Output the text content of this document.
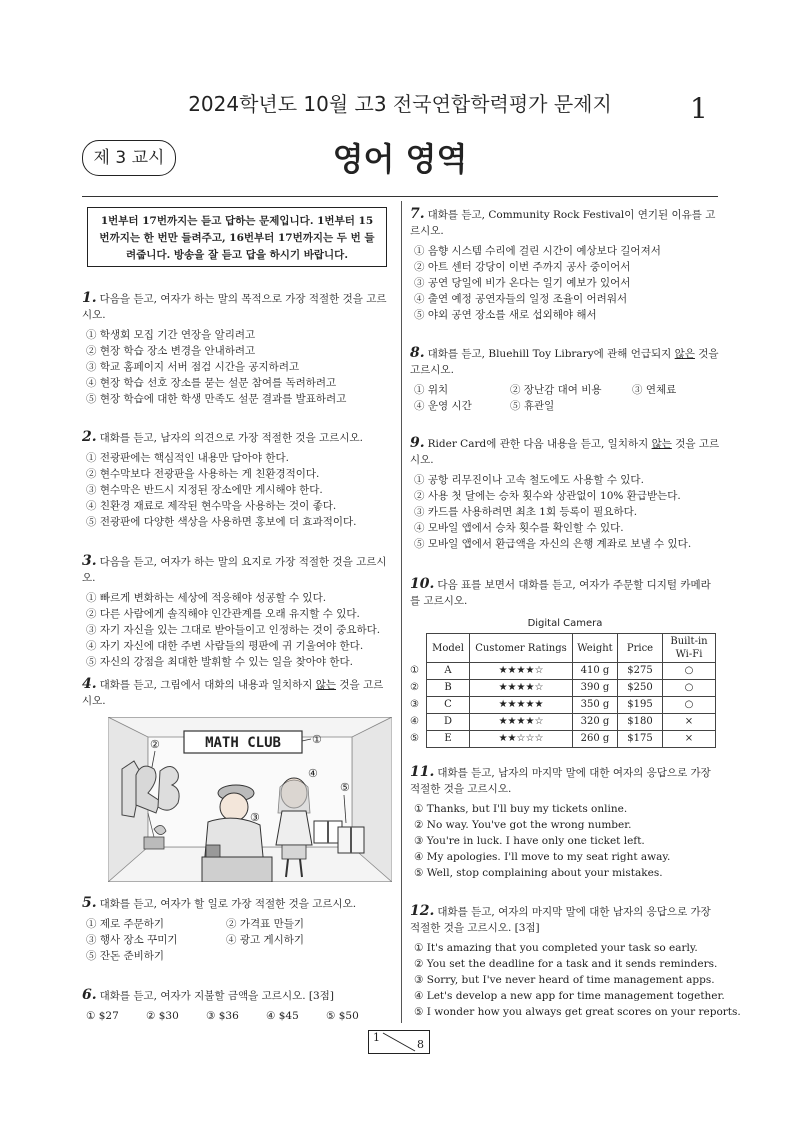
2024학년도 10월 고3 전국연합학력평가 문제지	1
제 3 교시	영어 영역
1번부터 17번까지는 듣고 답하는 문제입니다. 1번부터 15번까지는 한 번만 들려주고, 16번부터 17번까지는 두 번 들려줍니다. 방송을 잘 듣고 답을 하시기 바랍니다.

1. 다음을 듣고, 여자가 하는 말의 목적으로 가장 적절한 것을 고르시오.

① 학생회 모집 기간 연장을 알리려고
② 현장 학습 장소 변경을 안내하려고
③ 학교 홈페이지 서버 점검 시간을 공지하려고
④ 현장 학습 선호 장소를 묻는 설문 참여를 독려하려고
⑤ 현장 학습에 대한 학생 만족도 설문 결과를 발표하려고

2. 대화를 듣고, 남자의 의견으로 가장 적절한 것을 고르시오.

① 전광판에는 핵심적인 내용만 담아야 한다.
② 현수막보다 전광판을 사용하는 게 친환경적이다.
③ 현수막은 반드시 지정된 장소에만 게시해야 한다.
④ 친환경 재료로 제작된 현수막을 사용하는 것이 좋다.
⑤ 전광판에 다양한 색상을 사용하면 홍보에 더 효과적이다.

3. 다음을 듣고, 여자가 하는 말의 요지로 가장 적절한 것을 고르시오.

① 빠르게 변화하는 세상에 적응해야 성공할 수 있다.
② 다른 사람에게 솔직해야 인간관계를 오래 유지할 수 있다.
③ 자기 자신을 있는 그대로 받아들이고 인정하는 것이 중요하다.
④ 자기 자신에 대한 주변 사람들의 평판에 귀 기울여야 한다.
⑤ 자신의 강점을 최대한 발휘할 수 있는 일을 찾아야 한다.

4. 대화를 듣고, 그림에서 대화의 내용과 일치하지 않는 것을 고르시오.

MATH CLUB	①
②
③
④
⑤

5. 대화를 듣고, 여자가 할 일로 가장 적절한 것을 고르시오.

① 제로 주문하기	② 가격표 만들기
③ 행사 장소 꾸미기	④ 광고 게시하기
⑤ 잔돈 준비하기

6. 대화를 듣고, 여자가 지불할 금액을 고르시오. [3점]

① $27	② $30	③ $36	④ $45	⑤ $50

7. 대화를 듣고, Community Rock Festival이 연기된 이유를 고르시오.

① 음향 시스템 수리에 걸린 시간이 예상보다 길어져서
② 아트 센터 강당이 이번 주까지 공사 중이어서
③ 공연 당일에 비가 온다는 일기 예보가 있어서
④ 출연 예정 공연자들의 일정 조율이 어려워서
⑤ 야외 공연 장소를 새로 섭외해야 해서

8. 대화를 듣고, Bluehill Toy Library에 관해 언급되지 않은 것을 고르시오.

① 위치	② 장난감 대여 비용	③ 연체료
④ 운영 시간	⑤ 휴관일

9. Rider Card에 관한 다음 내용을 듣고, 일치하지 않는 것을 고르시오.

① 공항 리무진이나 고속 철도에도 사용할 수 있다.
② 사용 첫 달에는 승차 횟수와 상관없이 10% 환급받는다.
③ 카드를 사용하려면 최초 1회 등록이 필요하다.
④ 모바일 앱에서 승차 횟수를 확인할 수 있다.
⑤ 모바일 앱에서 환급액을 자신의 은행 계좌로 보낼 수 있다.

10. 다음 표를 보면서 대화를 듣고, 여자가 주문할 디지털 카메라를 고르시오.

Digital Camera
	Model	Customer Ratings	Weight	Price	Built-in Wi-Fi
①	A	★★★★☆	410 g	$275	○
②	B	★★★★☆	390 g	$250	○
③	C	★★★★★	350 g	$195	○
④	D	★★★★☆	320 g	$180	×
⑤	E	★★☆☆☆	260 g	$175	×

11. 대화를 듣고, 남자의 마지막 말에 대한 여자의 응답으로 가장 적절한 것을 고르시오.

① Thanks, but I'll buy my tickets online.
② No way. You've got the wrong number.
③ You're in luck. I have only one ticket left.
④ My apologies. I'll move to my seat right away.
⑤ Well, stop complaining about your mistakes.

12. 대화를 듣고, 여자의 마지막 말에 대한 남자의 응답으로 가장 적절한 것을 고르시오. [3점]

① It's amazing that you completed your task so early.
② You set the deadline for a task and it sends reminders.
③ Sorry, but I've never heard of time management apps.
④ Let's develop a new app for time management together.
⑤ I wonder how you always get great scores on your reports.
1
8
